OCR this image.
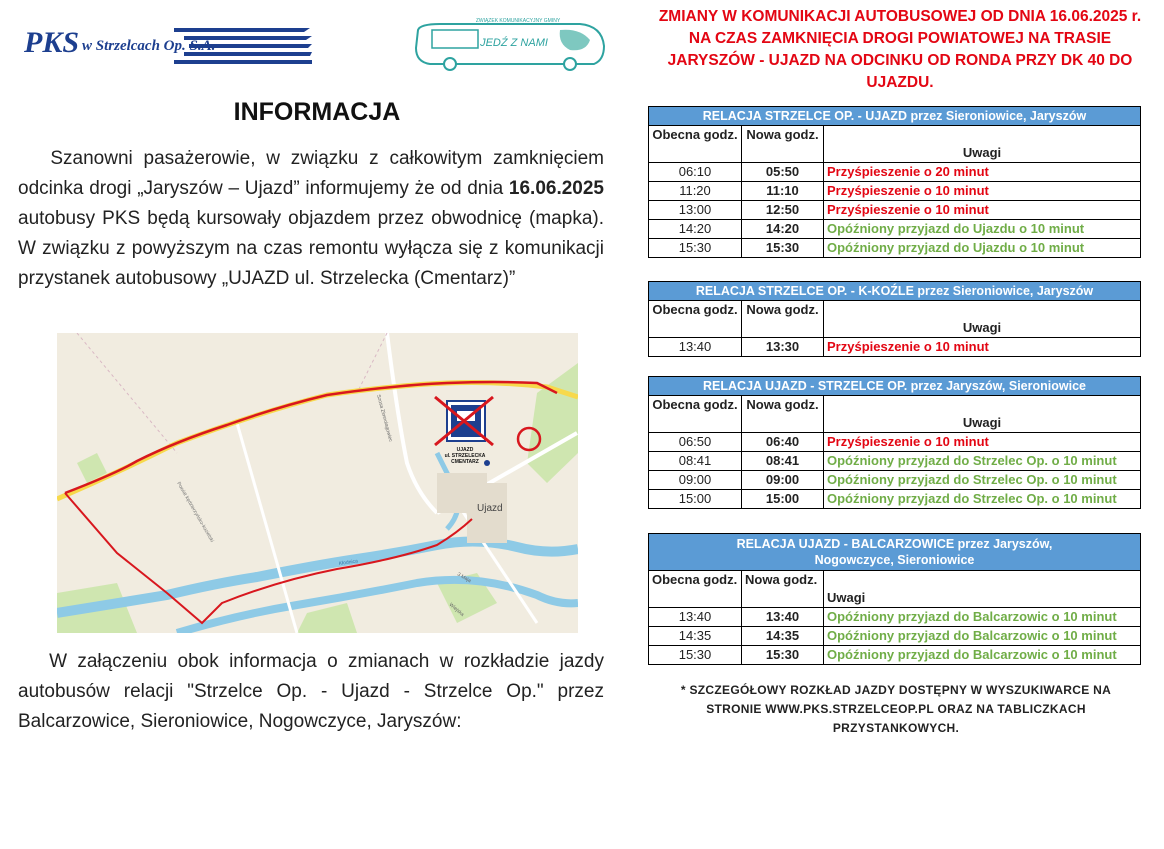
PKS w Strzelcach Op. S.A.
ZWIĄZEK KOMUNIKACYJNY GMINY
JEDŹ Z NAMI
INFORMACJA

Szanowni pasażerowie, w związku z całkowitym zamknięciem odcinka drogi „Jaryszów – Ujazd” informujemy że od dnia 16.06.2025 autobusy PKS będą kursowały objazdem przez obwodnicę (mapka). W związku z powyższym na czas remontu wyłącza się z komunikacji przystanek autobusowy „UJAZD ul. Strzelecka (Cmentarz)”

UJAZD
ul. STRZELECKA
CMENTARZ
Ujazd
Szosa Zimnolagowiec
Powiat kędzierzyńsko-kozielski
Kłodnica
3 Maja
Wiejska

W załączeniu obok informacja o zmianach w rozkładzie jazdy autobusów relacji "Strzelce Op. - Ujazd - Strzelce Op." przez Balcarzowice, Sieroniowice, Nogowczyce, Jaryszów:

ZMIANY W KOMUNIKACJI AUTOBUSOWEJ OD DNIA 16.06.2025 r.
NA CZAS ZAMKNIĘCIA DROGI POWIATOWEJ NA TRASIE
JARYSZÓW - UJAZD NA ODCINKU OD RONDA PRZY DK 40 DO
UJAZDU.
RELACJA STRZELCE OP. - UJAZD przez Sieroniowice, Jaryszów		
Obecna godz.	Nowa godz.	Uwagi
06:10	05:50	Przyśpieszenie o 20 minut
11:20	11:10	Przyśpieszenie o 10 minut
13:00	12:50	Przyśpieszenie o 10 minut
14:20	14:20	Opóźniony przyjazd do Ujazdu o 10 minut
15:30	15:30	Opóźniony przyjazd do Ujazdu o 10 minut
RELACJA STRZELCE OP. - K-KOŹLE przez Sieroniowice, Jaryszów		
Obecna godz.	Nowa godz.	Uwagi
13:40	13:30	Przyśpieszenie o 10 minut
RELACJA UJAZD - STRZELCE OP. przez Jaryszów, Sieroniowice		
Obecna godz.	Nowa godz.	Uwagi
06:50	06:40	Przyśpieszenie o 10 minut
08:41	08:41	Opóźniony przyjazd do Strzelec Op. o 10 minut
09:00	09:00	Opóźniony przyjazd do Strzelec Op. o 10 minut
15:00	15:00	Opóźniony przyjazd do Strzelec Op. o 10 minut
RELACJA UJAZD - BALCARZOWICE przez Jaryszów, Nogowczyce, Sieroniowice		
Obecna godz.	Nowa godz.	Uwagi
13:40	13:40	Opóźniony przyjazd do Balcarzowic o 10 minut
14:35	14:35	Opóźniony przyjazd do Balcarzowic o 10 minut
15:30	15:30	Opóźniony przyjazd do Balcarzowic o 10 minut
* SZCZEGÓŁOWY ROZKŁAD JAZDY DOSTĘPNY W WYSZUKIWARCE NA
STRONIE WWW.PKS.STRZELCEOP.PL ORAZ NA TABLICZKACH
PRZYSTANKOWYCH.
